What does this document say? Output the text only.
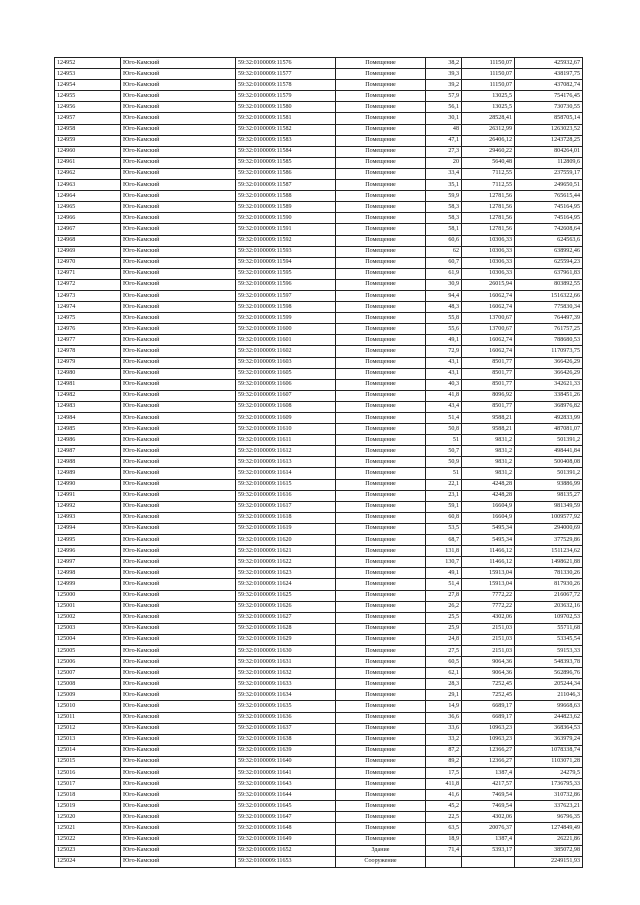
124952	Юго-Камский	59:32:0100009:11576	Помещение	38,2	11150,07	425932,67
124953	Юго-Камский	59:32:0100009:11577	Помещение	39,3	11150,07	438197,75
124954	Юго-Камский	59:32:0100009:11578	Помещение	39,2	11150,07	437082,74
124955	Юго-Камский	59:32:0100009:11579	Помещение	57,9	13025,5	754176,45
124956	Юго-Камский	59:32:0100009:11580	Помещение	56,1	13025,5	730730,55
124957	Юго-Камский	59:32:0100009:11581	Помещение	30,1	28528,41	858705,14
124958	Юго-Камский	59:32:0100009:11582	Помещение	48	26312,99	1263023,52
124959	Юго-Камский	59:32:0100009:11583	Помещение	47,1	26406,12	1243728,25
124960	Юго-Камский	59:32:0100009:11584	Помещение	27,3	29460,22	804264,01
124961	Юго-Камский	59:32:0100009:11585	Помещение	20	5640,48	112809,6
124962	Юго-Камский	59:32:0100009:11586	Помещение	33,4	7112,55	237559,17
124963	Юго-Камский	59:32:0100009:11587	Помещение	35,1	7112,55	249650,51
124964	Юго-Камский	59:32:0100009:11588	Помещение	59,9	12781,56	765615,44
124965	Юго-Камский	59:32:0100009:11589	Помещение	58,3	12781,56	745164,95
124966	Юго-Камский	59:32:0100009:11590	Помещение	58,3	12781,56	745164,95
124967	Юго-Камский	59:32:0100009:11591	Помещение	58,1	12781,56	742608,64
124968	Юго-Камский	59:32:0100009:11592	Помещение	60,6	10306,33	624563,6
124969	Юго-Камский	59:32:0100009:11593	Помещение	62	10306,33	638992,46
124970	Юго-Камский	59:32:0100009:11594	Помещение	60,7	10306,33	625594,23
124971	Юго-Камский	59:32:0100009:11595	Помещение	61,9	10306,33	637961,83
124972	Юго-Камский	59:32:0100009:11596	Помещение	30,9	26015,94	803892,55
124973	Юго-Камский	59:32:0100009:11597	Помещение	94,4	16062,74	1516322,66
124974	Юго-Камский	59:32:0100009:11598	Помещение	48,3	16062,74	775830,34
124975	Юго-Камский	59:32:0100009:11599	Помещение	55,8	13700,67	764497,39
124976	Юго-Камский	59:32:0100009:11600	Помещение	55,6	13700,67	761757,25
124977	Юго-Камский	59:32:0100009:11601	Помещение	49,1	16062,74	788680,53
124978	Юго-Камский	59:32:0100009:11602	Помещение	72,9	16062,74	1170973,75
124979	Юго-Камский	59:32:0100009:11603	Помещение	43,1	8501,77	366426,29
124980	Юго-Камский	59:32:0100009:11605	Помещение	43,1	8501,77	366426,29
124981	Юго-Камский	59:32:0100009:11606	Помещение	40,3	8501,77	342621,33
124982	Юго-Камский	59:32:0100009:11607	Помещение	41,8	8096,92	338451,26
124983	Юго-Камский	59:32:0100009:11608	Помещение	43,4	8501,77	368976,82
124984	Юго-Камский	59:32:0100009:11609	Помещение	51,4	9588,21	492833,99
124985	Юго-Камский	59:32:0100009:11610	Помещение	50,8	9588,21	487081,07
124986	Юго-Камский	59:32:0100009:11611	Помещение	51	9831,2	501391,2
124987	Юго-Камский	59:32:0100009:11612	Помещение	50,7	9831,2	498441,84
124988	Юго-Камский	59:32:0100009:11613	Помещение	50,9	9831,2	500408,08
124989	Юго-Камский	59:32:0100009:11614	Помещение	51	9831,2	501391,2
124990	Юго-Камский	59:32:0100009:11615	Помещение	22,1	4248,28	93886,99
124991	Юго-Камский	59:32:0100009:11616	Помещение	23,1	4248,28	98135,27
124992	Юго-Камский	59:32:0100009:11617	Помещение	59,1	16604,9	981349,59
124993	Юго-Камский	59:32:0100009:11618	Помещение	60,8	16604,9	1009577,92
124994	Юго-Камский	59:32:0100009:11619	Помещение	53,5	5495,34	294000,69
124995	Юго-Камский	59:32:0100009:11620	Помещение	68,7	5495,34	377529,86
124996	Юго-Камский	59:32:0100009:11621	Помещение	131,8	11466,12	1511234,62
124997	Юго-Камский	59:32:0100009:11622	Помещение	130,7	11466,12	1498621,88
124998	Юго-Камский	59:32:0100009:11623	Помещение	49,1	15913,04	781330,26
124999	Юго-Камский	59:32:0100009:11624	Помещение	51,4	15913,04	817930,26
125000	Юго-Камский	59:32:0100009:11625	Помещение	27,8	7772,22	216067,72
125001	Юго-Камский	59:32:0100009:11626	Помещение	26,2	7772,22	203632,16
125002	Юго-Камский	59:32:0100009:11627	Помещение	25,5	4302,06	109702,53
125003	Юго-Камский	59:32:0100009:11628	Помещение	25,9	2151,03	55711,68
125004	Юго-Камский	59:32:0100009:11629	Помещение	24,8	2151,03	53345,54
125005	Юго-Камский	59:32:0100009:11630	Помещение	27,5	2151,03	59153,33
125006	Юго-Камский	59:32:0100009:11631	Помещение	60,5	9064,36	548393,78
125007	Юго-Камский	59:32:0100009:11632	Помещение	62,1	9064,36	562896,76
125008	Юго-Камский	59:32:0100009:11633	Помещение	28,3	7252,45	205244,34
125009	Юго-Камский	59:32:0100009:11634	Помещение	29,1	7252,45	211046,3
125010	Юго-Камский	59:32:0100009:11635	Помещение	14,9	6689,17	99668,63
125011	Юго-Камский	59:32:0100009:11636	Помещение	36,6	6689,17	244823,62
125012	Юго-Камский	59:32:0100009:11637	Помещение	33,6	10963,23	368364,53
125013	Юго-Камский	59:32:0100009:11638	Помещение	33,2	10963,23	363979,24
125014	Юго-Камский	59:32:0100009:11639	Помещение	87,2	12366,27	1078338,74
125015	Юго-Камский	59:32:0100009:11640	Помещение	89,2	12366,27	1103071,28
125016	Юго-Камский	59:32:0100009:11641	Помещение	17,5	1387,4	24279,5
125017	Юго-Камский	59:32:0100009:11643	Помещение	411,8	4217,57	1736795,33
125018	Юго-Камский	59:32:0100009:11644	Помещение	41,6	7469,54	310732,86
125019	Юго-Камский	59:32:0100009:11645	Помещение	45,2	7469,54	337623,21
125020	Юго-Камский	59:32:0100009:11647	Помещение	22,5	4302,06	96796,35
125021	Юго-Камский	59:32:0100009:11648	Помещение	63,5	20076,37	1274849,49
125022	Юго-Камский	59:32:0100009:11649	Помещение	18,9	1387,4	26221,86
125023	Юго-Камский	59:32:0100009:11652	Здание	71,4	5393,17	385072,98
125024	Юго-Камский	59:32:0100009:11653	Сооружение			2249151,93
